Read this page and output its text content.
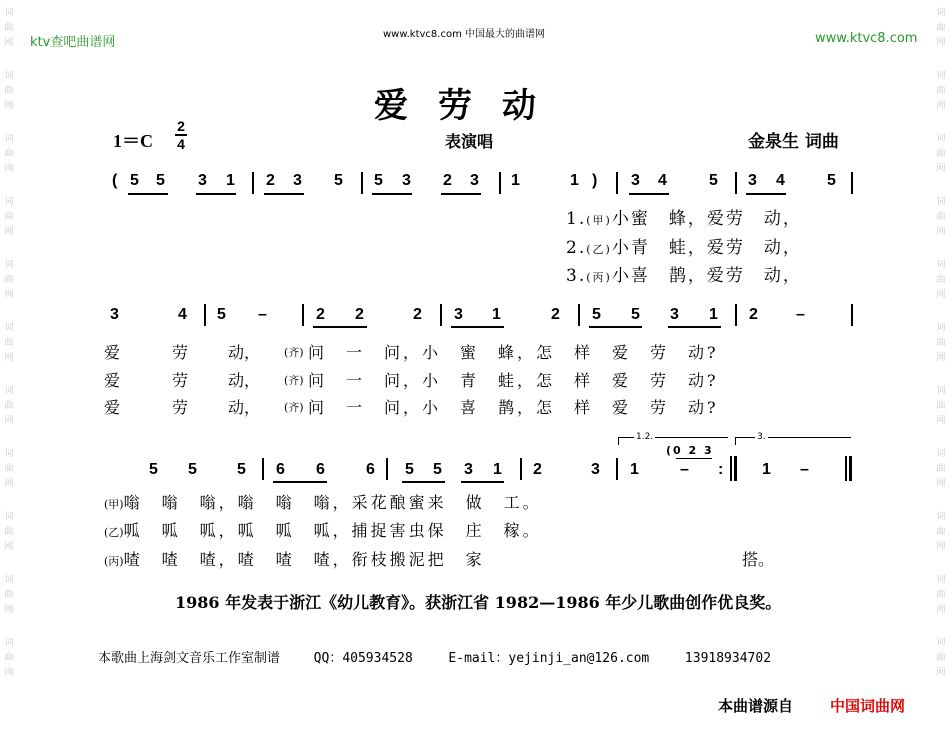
词
曲
网
词
曲
网
词
曲
网
词
曲
网
词
曲
网
词
曲
网
词
曲
网
词
曲
网
词
曲
网
词
曲
网
词
曲
网
词
曲
网
词
曲
网
词
曲
网
词
曲
网
词
曲
网
词
曲
网
词
曲
网
词
曲
网
词
曲
网
词
曲
网
词
曲
网
ktv查吧曲谱网
www.ktvc8.com 中国最大的曲谱网	www.ktvc8.com
爱劳动
1＝C
2
4	表演唱	金泉生 词曲
( 5 5 3 1 2 3 5 5 3 2 3 1	1 ) 3 4	5 3 4	5
1.(甲)小蜜　蜂，爱劳　动，
2.(乙)小青　蛙，爱劳　动，
3.(丙)小喜　鹊，爱劳　动，
3	4 5 –	2 2	2 3 1	2 5 5 3 1 2 –
爱	劳 动， (齐) 问　一　问，小　蜜　蜂，怎　样　爱　劳　动?
爱	劳 动， (齐) 问　一　问，小　青　蛙，怎　样　爱　劳　动?
爱	劳 动， (齐) 问　一　问，小　喜　鹊，怎　样　爱　劳　动?
1.2.	3.
(0 2 3
5 5	5 6 6	6 5 5 3 1 2	3 1	– : 1 –
(甲)嗡　嗡　嗡，嗡　嗡　嗡，采花酿蜜来　做　工。
(乙)呱　呱　呱，呱　呱　呱，捕捉害虫保　庄　稼。
(丙)喳　喳　喳，喳　喳　喳，衔枝搬泥把　家	搭。
1986 年发表于浙江《幼儿教育》。获浙江省 1982—1986 年少儿歌曲创作优良奖。
本歌曲上海剑文音乐工作室制谱	QQ：405934528	E-mail：yejinji_an@126.com	13918934702
本曲谱源自 中国词曲网
